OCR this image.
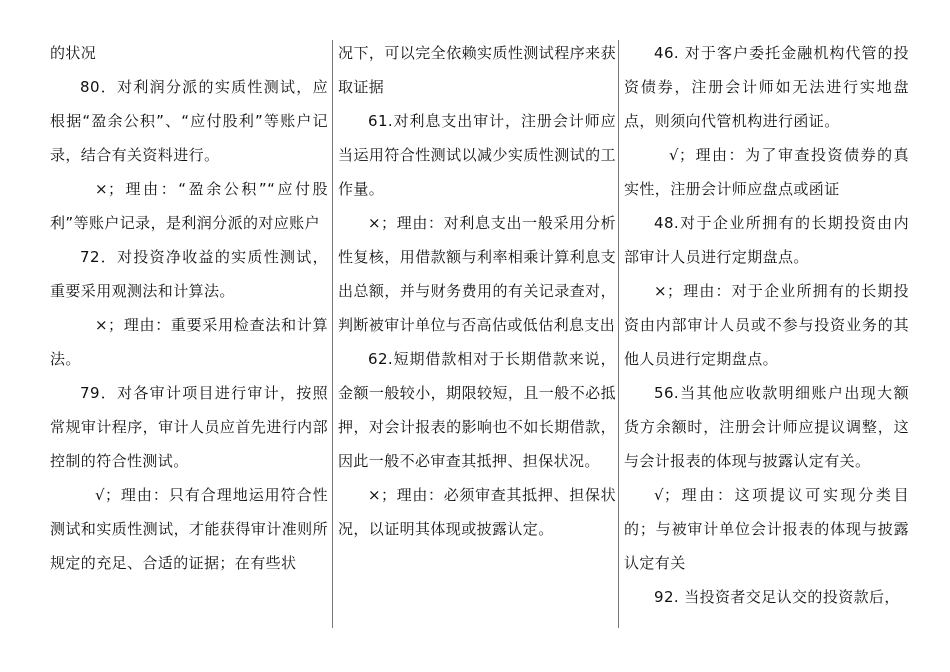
的状况

80．对利润分派的实质性测试，应根据“盈余公积”、“应付股利”等账户记录，结合有关资料进行。

×；理由：“盈余公积”“应付股利”等账户记录，是利润分派的对应账户

72．对投资净收益的实质性测试，重要采用观测法和计算法。

×；理由：重要采用检查法和计算法。

79．对各审计项目进行审计，按照常规审计程序，审计人员应首先进行内部控制的符合性测试。

√；理由：只有合理地运用符合性测试和实质性测试，才能获得审计准则所规定的充足、合适的证据；在有些状

况下，可以完全依赖实质性测试程序来获取证据

61.对利息支出审计，注册会计师应当运用符合性测试以减少实质性测试的工作量。

×；理由：对利息支出一般采用分析性复核，用借款额与利率相乘计算利息支出总额，并与财务费用的有关记录查对，判断被审计单位与否高估或低估利息支出

62.短期借款相对于长期借款来说，金额一般较小，期限较短，且一般不必抵押，对会计报表的影响也不如长期借款，因此一般不必审查其抵押、担保状况。

×；理由：必须审查其抵押、担保状况，以证明其体现或披露认定。

46. 对于客户委托金融机构代管的投资债券，注册会计师如无法进行实地盘点，则须向代管机构进行函证。

√；理由：为了审查投资债券的真实性，注册会计师应盘点或函证

48.对于企业所拥有的长期投资由内部审计人员进行定期盘点。

×；理由：对于企业所拥有的长期投资由内部审计人员或不参与投资业务的其他人员进行定期盘点。

56.当其他应收款明细账户出现大额货方余额时，注册会计师应提议调整，这与会计报表的体现与披露认定有关。

√；理由：这项提议可实现分类目的；与被审计单位会计报表的体现与披露认定有关

92. 当投资者交足认交的投资款后，
